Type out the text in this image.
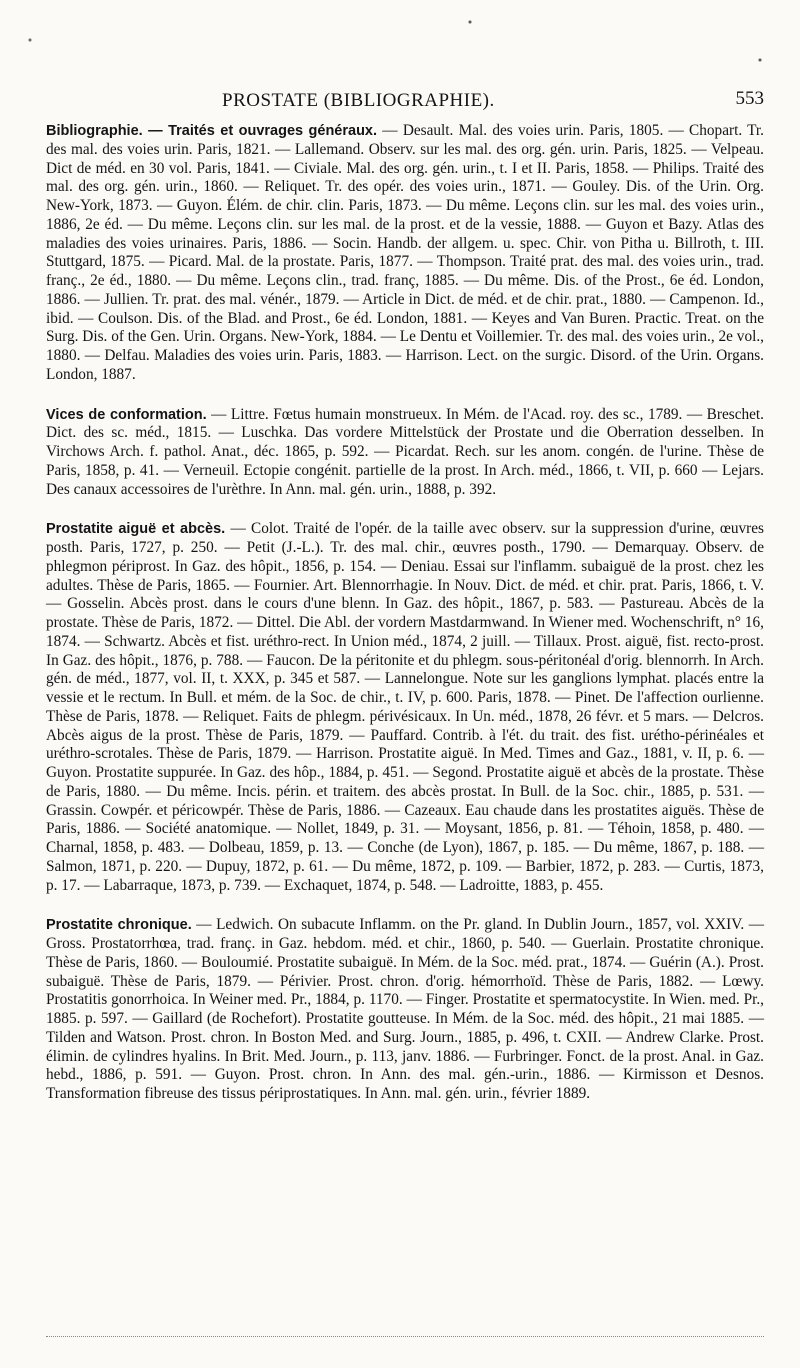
PROSTATE (BIBLIOGRAPHIE).	553

Bibliographie. — Traités et ouvrages généraux. — Desault. Mal. des voies urin. Paris, 1805. — Chopart. Tr. des mal. des voies urin. Paris, 1821. — Lallemand. Observ. sur les mal. des org. gén. urin. Paris, 1825. — Velpeau. Dict de méd. en 30 vol. Paris, 1841. — Civiale. Mal. des org. gén. urin., t. I et II. Paris, 1858. — Philips. Traité des mal. des org. gén. urin., 1860. — Reliquet. Tr. des opér. des voies urin., 1871. — Gouley. Dis. of the Urin. Org. New-York, 1873. — Guyon. Élém. de chir. clin. Paris, 1873. — Du même. Leçons clin. sur les mal. des voies urin., 1886, 2e éd. — Du même. Leçons clin. sur les mal. de la prost. et de la vessie, 1888. — Guyon et Bazy. Atlas des maladies des voies urinaires. Paris, 1886. — Socin. Handb. der allgem. u. spec. Chir. von Pitha u. Billroth, t. III. Stuttgard, 1875. — Picard. Mal. de la prostate. Paris, 1877. — Thompson. Traité prat. des mal. des voies urin., trad. franç., 2e éd., 1880. — Du même. Leçons clin., trad. franç, 1885. — Du même. Dis. of the Prost., 6e éd. London, 1886. — Jullien. Tr. prat. des mal. vénér., 1879. — Article in Dict. de méd. et de chir. prat., 1880. — Campenon. Id., ibid. — Coulson. Dis. of the Blad. and Prost., 6e éd. London, 1881. — Keyes and Van Buren. Practic. Treat. on the Surg. Dis. of the Gen. Urin. Organs. New-York, 1884. — Le Dentu et Voillemier. Tr. des mal. des voies urin., 2e vol., 1880. — Delfau. Maladies des voies urin. Paris, 1883. — Harrison. Lect. on the surgic. Disord. of the Urin. Organs. London, 1887.

Vices de conformation. — Littre. Fœtus humain monstrueux. In Mém. de l'Acad. roy. des sc., 1789. — Breschet. Dict. des sc. méd., 1815. — Luschka. Das vordere Mittelstück der Prostate und die Oberration desselben. In Virchows Arch. f. pathol. Anat., déc. 1865, p. 592. — Picardat. Rech. sur les anom. congén. de l'urine. Thèse de Paris, 1858, p. 41. — Verneuil. Ectopie congénit. partielle de la prost. In Arch. méd., 1866, t. VII, p. 660 — Lejars. Des canaux accessoires de l'urèthre. In Ann. mal. gén. urin., 1888, p. 392.

Prostatite aiguë et abcès. — Colot. Traité de l'opér. de la taille avec observ. sur la suppression d'urine, œuvres posth. Paris, 1727, p. 250. — Petit (J.-L.). Tr. des mal. chir., œuvres posth., 1790. — Demarquay. Observ. de phlegmon périprost. In Gaz. des hôpit., 1856, p. 154. — Deniau. Essai sur l'inflamm. subaiguë de la prost. chez les adultes. Thèse de Paris, 1865. — Fournier. Art. Blennorrhagie. In Nouv. Dict. de méd. et chir. prat. Paris, 1866, t. V. — Gosselin. Abcès prost. dans le cours d'une blenn. In Gaz. des hôpit., 1867, p. 583. — Pastureau. Abcès de la prostate. Thèse de Paris, 1872. — Dittel. Die Abl. der vordern Mastdarmwand. In Wiener med. Wochenschrift, n° 16, 1874. — Schwartz. Abcès et fist. uréthro-rect. In Union méd., 1874, 2 juill. — Tillaux. Prost. aiguë, fist. recto-prost. In Gaz. des hôpit., 1876, p. 788. — Faucon. De la péritonite et du phlegm. sous-péritonéal d'orig. blennorrh. In Arch. gén. de méd., 1877, vol. II, t. XXX, p. 345 et 587. — Lannelongue. Note sur les ganglions lymphat. placés entre la vessie et le rectum. In Bull. et mém. de la Soc. de chir., t. IV, p. 600. Paris, 1878. — Pinet. De l'affection ourlienne. Thèse de Paris, 1878. — Reliquet. Faits de phlegm. périvésicaux. In Un. méd., 1878, 26 févr. et 5 mars. — Delcros. Abcès aigus de la prost. Thèse de Paris, 1879. — Pauffard. Contrib. à l'ét. du trait. des fist. urétho-périnéales et uréthro-scrotales. Thèse de Paris, 1879. — Harrison. Prostatite aiguë. In Med. Times and Gaz., 1881, v. II, p. 6. — Guyon. Prostatite suppurée. In Gaz. des hôp., 1884, p. 451. — Segond. Prostatite aiguë et abcès de la prostate. Thèse de Paris, 1880. — Du même. Incis. périn. et traitem. des abcès prostat. In Bull. de la Soc. chir., 1885, p. 531. — Grassin. Cowpér. et péricowpér. Thèse de Paris, 1886. — Cazeaux. Eau chaude dans les prostatites aiguës. Thèse de Paris, 1886. — Société anatomique. — Nollet, 1849, p. 31. — Moysant, 1856, p. 81. — Téhoin, 1858, p. 480. — Charnal, 1858, p. 483. — Dolbeau, 1859, p. 13. — Conche (de Lyon), 1867, p. 185. — Du même, 1867, p. 188. — Salmon, 1871, p. 220. — Dupuy, 1872, p. 61. — Du même, 1872, p. 109. — Barbier, 1872, p. 283. — Curtis, 1873, p. 17. — Labarraque, 1873, p. 739. — Exchaquet, 1874, p. 548. — Ladroitte, 1883, p. 455.

Prostatite chronique. — Ledwich. On subacute Inflamm. on the Pr. gland. In Dublin Journ., 1857, vol. XXIV. — Gross. Prostatorrhœa, trad. franç. in Gaz. hebdom. méd. et chir., 1860, p. 540. — Guerlain. Prostatite chronique. Thèse de Paris, 1860. — Bouloumié. Prostatite subaiguë. In Mém. de la Soc. méd. prat., 1874. — Guérin (A.). Prost. subaiguë. Thèse de Paris, 1879. — Périvier. Prost. chron. d'orig. hémorrhoïd. Thèse de Paris, 1882. — Lœwy. Prostatitis gonorrhoica. In Weiner med. Pr., 1884, p. 1170. — Finger. Prostatite et spermatocystite. In Wien. med. Pr., 1885. p. 597. — Gaillard (de Rochefort). Prostatite goutteuse. In Mém. de la Soc. méd. des hôpit., 21 mai 1885. — Tilden and Watson. Prost. chron. In Boston Med. and Surg. Journ., 1885, p. 496, t. CXII. — Andrew Clarke. Prost. élimin. de cylindres hyalins. In Brit. Med. Journ., p. 113, janv. 1886. — Furbringer. Fonct. de la prost. Anal. in Gaz. hebd., 1886, p. 591. — Guyon. Prost. chron. In Ann. des mal. gén.-urin., 1886. — Kirmisson et Desnos. Transformation fibreuse des tissus périprostatiques. In Ann. mal. gén. urin., février 1889.
